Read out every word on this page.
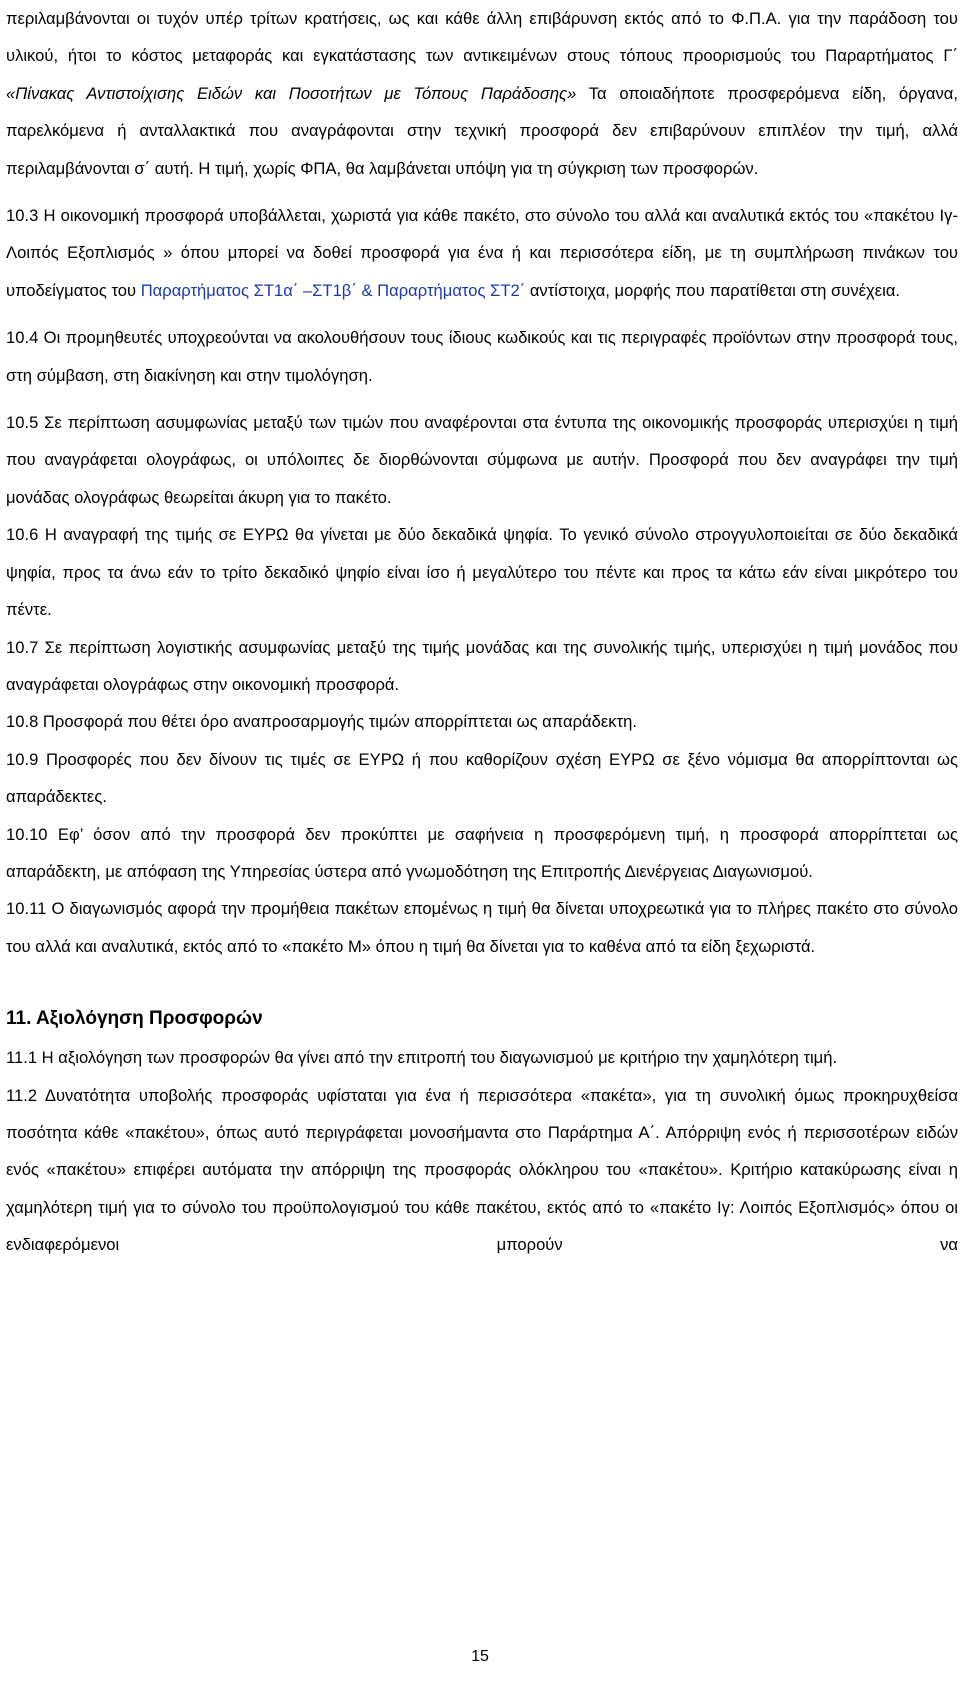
περιλαμβάνονται οι τυχόν υπέρ τρίτων κρατήσεις, ως και κάθε άλλη επιβάρυνση εκτός από το Φ.Π.Α. για την παράδοση του υλικού, ήτοι το κόστος μεταφοράς και εγκατάστασης των αντικειμένων στους τόπους προορισμούς του Παραρτήματος Γ΄ «Πίνακας Αντιστοίχισης Ειδών και Ποσοτήτων με Τόπους Παράδοσης» Τα οποιαδήποτε προσφερόμενα είδη, όργανα, παρελκόμενα ή ανταλλακτικά που αναγράφονται στην τεχνική προσφορά δεν επιβαρύνουν επιπλέον την τιμή, αλλά περιλαμβάνονται σ΄ αυτή. Η τιμή, χωρίς ΦΠΑ, θα λαμβάνεται υπόψη για τη σύγκριση των προσφορών.

10.3 Η οικονομική προσφορά υποβάλλεται, χωριστά για κάθε πακέτο, στο σύνολο του αλλά και αναλυτικά εκτός του «πακέτου Ιγ-Λοιπός Εξοπλισμός » όπου μπορεί να δοθεί προσφορά για ένα ή και περισσότερα είδη, με τη συμπλήρωση πινάκων του υποδείγματος του Παραρτήματος ΣΤ1α΄ –ΣΤ1β΄ & Παραρτήματος ΣΤ2΄ αντίστοιχα, μορφής που παρατίθεται στη συνέχεια.

10.4 Οι προμηθευτές υποχρεούνται να ακολουθήσουν τους ίδιους κωδικούς και τις περιγραφές προϊόντων στην προσφορά τους, στη σύμβαση, στη διακίνηση και στην τιμολόγηση.

10.5 Σε περίπτωση ασυμφωνίας μεταξύ των τιμών που αναφέρονται στα έντυπα της οικονομικής προσφοράς υπερισχύει η τιμή που αναγράφεται ολογράφως, οι υπόλοιπες δε διορθώνονται σύμφωνα με αυτήν. Προσφορά που δεν αναγράφει την τιμή μονάδας ολογράφως θεωρείται άκυρη για το πακέτο.

10.6 Η αναγραφή της τιμής σε ΕΥΡΩ θα γίνεται με δύο δεκαδικά ψηφία. Το γενικό σύνολο στρογγυλοποιείται σε δύο δεκαδικά ψηφία, προς τα άνω εάν το τρίτο δεκαδικό ψηφίο είναι ίσο ή μεγαλύτερο του πέντε και προς τα κάτω εάν είναι μικρότερο του πέντε.

10.7 Σε περίπτωση λογιστικής ασυμφωνίας μεταξύ της τιμής μονάδας και της συνολικής τιμής, υπερισχύει η τιμή μονάδος που αναγράφεται ολογράφως στην οικονομική προσφορά.

10.8 Προσφορά που θέτει όρο αναπροσαρμογής τιμών απορρίπτεται ως απαράδεκτη.

10.9 Προσφορές που δεν δίνουν τις τιμές σε ΕΥΡΩ ή που καθορίζουν σχέση ΕΥΡΩ σε ξένο νόμισμα θα απορρίπτονται ως απαράδεκτες.

10.10 Εφ’ όσον από την προσφορά δεν προκύπτει με σαφήνεια η προσφερόμενη τιμή, η προσφορά απορρίπτεται ως απαράδεκτη, με απόφαση της Υπηρεσίας ύστερα από γνωμοδότηση της Επιτροπής Διενέργειας Διαγωνισμού.

10.11 Ο διαγωνισμός αφορά την προμήθεια πακέτων επομένως η τιμή θα δίνεται υποχρεωτικά για το πλήρες πακέτο στο σύνολο του αλλά και αναλυτικά, εκτός από το «πακέτο Μ» όπου η τιμή θα δίνεται για το καθένα από τα είδη ξεχωριστά.

11. Αξιολόγηση Προσφορών

11.1 Η αξιολόγηση των προσφορών θα γίνει από την επιτροπή του διαγωνισμού με κριτήριο την χαμηλότερη τιμή.

11.2 Δυνατότητα υποβολής προσφοράς υφίσταται για ένα ή περισσότερα «πακέτα», για τη συνολική όμως προκηρυχθείσα ποσότητα κάθε «πακέτου», όπως αυτό περιγράφεται μονοσήμαντα στο Παράρτημα Α΄. Απόρριψη ενός ή περισσοτέρων ειδών ενός «πακέτου» επιφέρει αυτόματα την απόρριψη της προσφοράς ολόκληρου του «πακέτου». Κριτήριο κατακύρωσης είναι η χαμηλότερη τιμή για το σύνολο του προϋπολογισμού του κάθε πακέτου, εκτός από το «πακέτο Ιγ: Λοιπός Εξοπλισμός» όπου οι ενδιαφερόμενοι μπορούν να

15
